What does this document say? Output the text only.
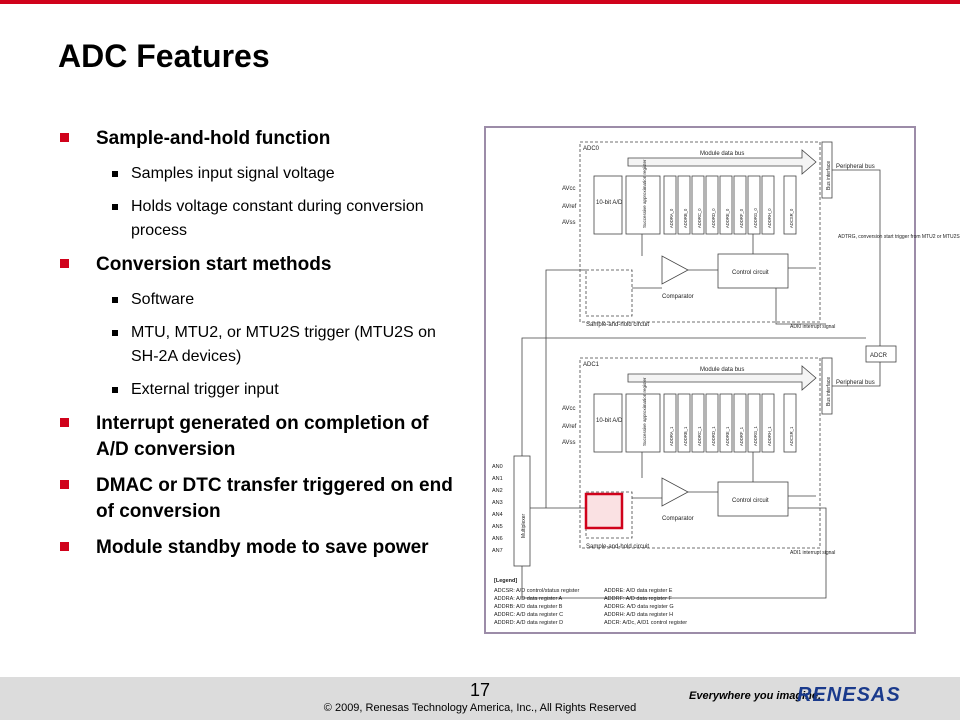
ADC Features
Sample-and-hold function
Samples input signal voltage
Holds voltage constant during conversion process
Conversion start methods
Software
MTU, MTU2, or MTU2S trigger (MTU2S on SH-2A devices)
External trigger input
Interrupt generated on completion of A/D conversion
DMAC or DTC transfer triggered on end of conversion
Module standby mode to save power
ADC0
ADC1
Module data bus
Module data bus
Peripheral bus
Peripheral bus
Bus interface
Bus interface
10-bit A/D
10-bit A/D
Successive approximation register
Successive approximation register
AVcc
AVref
AVss
AVcc
AVref
AVss
Comparator
Comparator
Control circuit
Control circuit
Sample-and-hold circuit
Sample-and-hold circuit
Multiplexer
ADCR
ADTRG, conversion start trigger from MTU2 or MTU2S
ADI0 interrupt signal
ADI1 interrupt signal
AN0
AN1
AN2
AN3
AN4
AN5
AN6
AN7
ADDRA_0 ADDRB_0 ADDRC_0 ADDRD_0 ADDRE_0 ADDRF_0 ADDRG_0 ADDRH_0	ADCSR_0
ADDRA_1 ADDRB_1 ADDRC_1 ADDRD_1 ADDRE_1 ADDRF_1 ADDRG_1 ADDRH_1	ADCSR_1
[Legend]
ADCSR: A/D control/status register
ADDRA: A/D data register A
ADDRB: A/D data register B
ADDRC: A/D data register C
ADDRD: A/D data register D
ADDRE: A/D data register E
ADDRF: A/D data register F
ADDRG: A/D data register G
ADDRH: A/D data register H
ADCR: A/Dc, A/D1 control register
17
© 2009, Renesas Technology America, Inc., All Rights Reserved
Everywhere you imagine.
RENESAS
